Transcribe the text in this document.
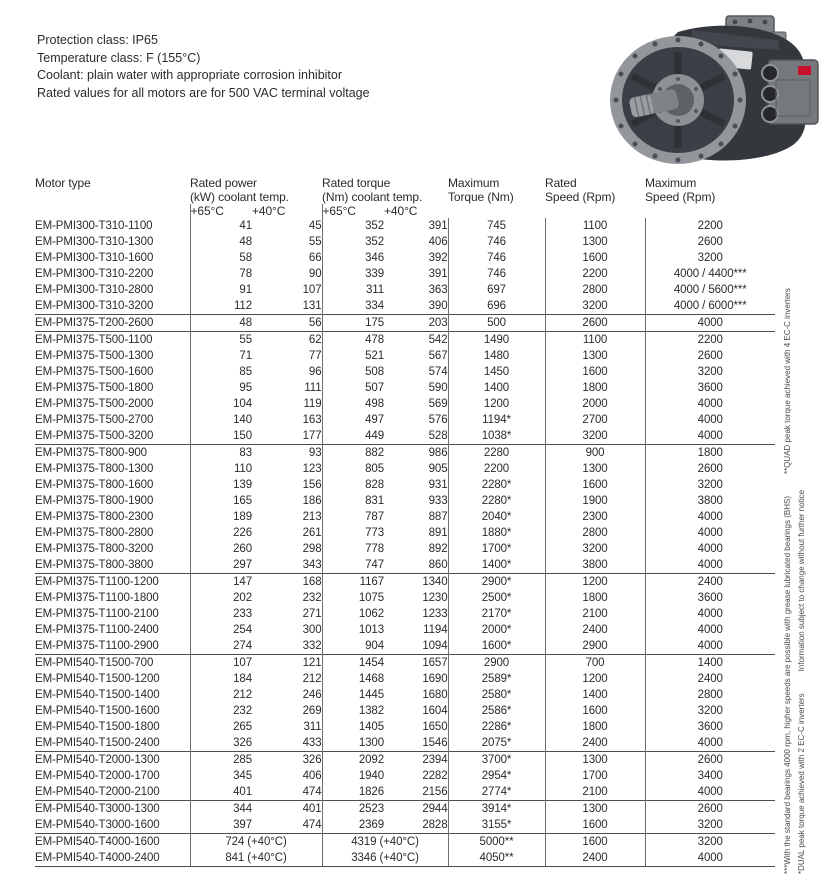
Protection class: IP65
Temperature class: F (155°C)
Coolant: plain water with appropriate corrosion inhibitor
Rated values for all motors are for 500 VAC terminal voltage
Motor type	Rated power		Rated torque		Maximum	Rated	Maximum
	(kW) coolant temp.		(Nm) coolant temp.		Torque (Nm)	Speed (Rpm)	Speed (Rpm)
	+65°C	+40°C	+65°C	+40°C			
EM-PMI300-T310-1100	41	45	352	391	745	1100	2200
EM-PMI300-T310-1300	48	55	352	406	746	1300	2600
EM-PMI300-T310-1600	58	66	346	392	746	1600	3200
EM-PMI300-T310-2200	78	90	339	391	746	2200	4000 / 4400***
EM-PMI300-T310-2800	91	107	311	363	697	2800	4000 / 5600***
EM-PMI300-T310-3200	112	131	334	390	696	3200	4000 / 6000***
EM-PMI375-T200-2600	48	56	175	203	500	2600	4000
EM-PMI375-T500-1100	55	62	478	542	1490	1100	2200
EM-PMI375-T500-1300	71	77	521	567	1480	1300	2600
EM-PMI375-T500-1600	85	96	508	574	1450	1600	3200
EM-PMI375-T500-1800	95	111	507	590	1400	1800	3600
EM-PMI375-T500-2000	104	119	498	569	1200	2000	4000
EM-PMI375-T500-2700	140	163	497	576	1194*	2700	4000
EM-PMI375-T500-3200	150	177	449	528	1038*	3200	4000
EM-PMI375-T800-900	83	93	882	986	2280	900	1800
EM-PMI375-T800-1300	110	123	805	905	2200	1300	2600
EM-PMI375-T800-1600	139	156	828	931	2280*	1600	3200
EM-PMI375-T800-1900	165	186	831	933	2280*	1900	3800
EM-PMI375-T800-2300	189	213	787	887	2040*	2300	4000
EM-PMI375-T800-2800	226	261	773	891	1880*	2800	4000
EM-PMI375-T800-3200	260	298	778	892	1700*	3200	4000
EM-PMI375-T800-3800	297	343	747	860	1400*	3800	4000
EM-PMI375-T1100-1200	147	168	1167	1340	2900*	1200	2400
EM-PMI375-T1100-1800	202	232	1075	1230	2500*	1800	3600
EM-PMI375-T1100-2100	233	271	1062	1233	2170*	2100	4000
EM-PMI375-T1100-2400	254	300	1013	1194	2000*	2400	4000
EM-PMI375-T1100-2900	274	332	904	1094	1600*	2900	4000
EM-PMI540-T1500-700	107	121	1454	1657	2900	700	1400
EM-PMI540-T1500-1200	184	212	1468	1690	2589*	1200	2400
EM-PMI540-T1500-1400	212	246	1445	1680	2580*	1400	2800
EM-PMI540-T1500-1600	232	269	1382	1604	2586*	1600	3200
EM-PMI540-T1500-1800	265	311	1405	1650	2286*	1800	3600
EM-PMI540-T1500-2400	326	433	1300	1546	2075*	2400	4000
EM-PMI540-T2000-1300	285	326	2092	2394	3700*	1300	2600
EM-PMI540-T2000-1700	345	406	1940	2282	2954*	1700	3400
EM-PMI540-T2000-2100	401	474	1826	2156	2774*	2100	4000
EM-PMI540-T3000-1300	344	401	2523	2944	3914*	1300	2600
EM-PMI540-T3000-1600	397	474	2369	2828	3155*	1600	3200
EM-PMI540-T4000-1600	724 (+40°C)		4319 (+40°C)		5000**	1600	3200
EM-PMI540-T4000-2400	841 (+40°C)		3346 (+40°C)		4050**	2400	4000	***With the standard bearings 4000 rpm, higher speeds are possible with grease lubricated bearings (BHS)**QUAD peak torque achieved with 4 EC-C inverters
*DUAL peak torque achieved with 2 EC-C invertersInformation subject to change without further notice
